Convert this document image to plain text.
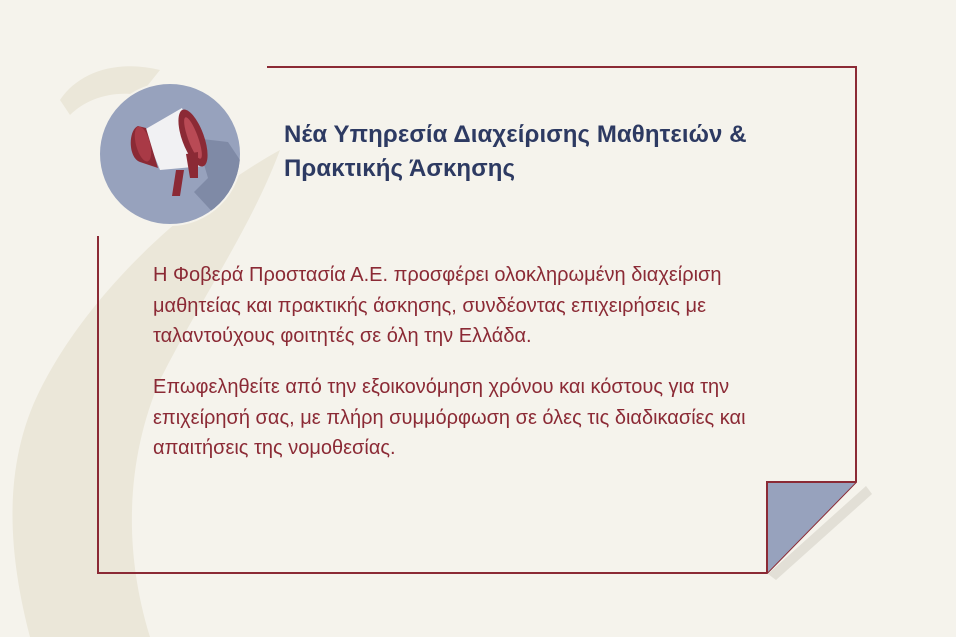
Νέα Υπηρεσία Διαχείρισης Μαθητειών & Πρακτικής Άσκησης

Η Φοβερά Προστασία Α.Ε. προσφέρει ολοκληρωμένη διαχείριση μαθητείας και πρακτικής άσκησης, συνδέοντας επιχειρήσεις με ταλαντούχους φοιτητές σε όλη την Ελλάδα.

Επωφεληθείτε από την εξοικονόμηση χρόνου και κόστους για την επιχείρησή σας, με πλήρη συμμόρφωση σε όλες τις διαδικασίες και απαιτήσεις της νομοθεσίας.
